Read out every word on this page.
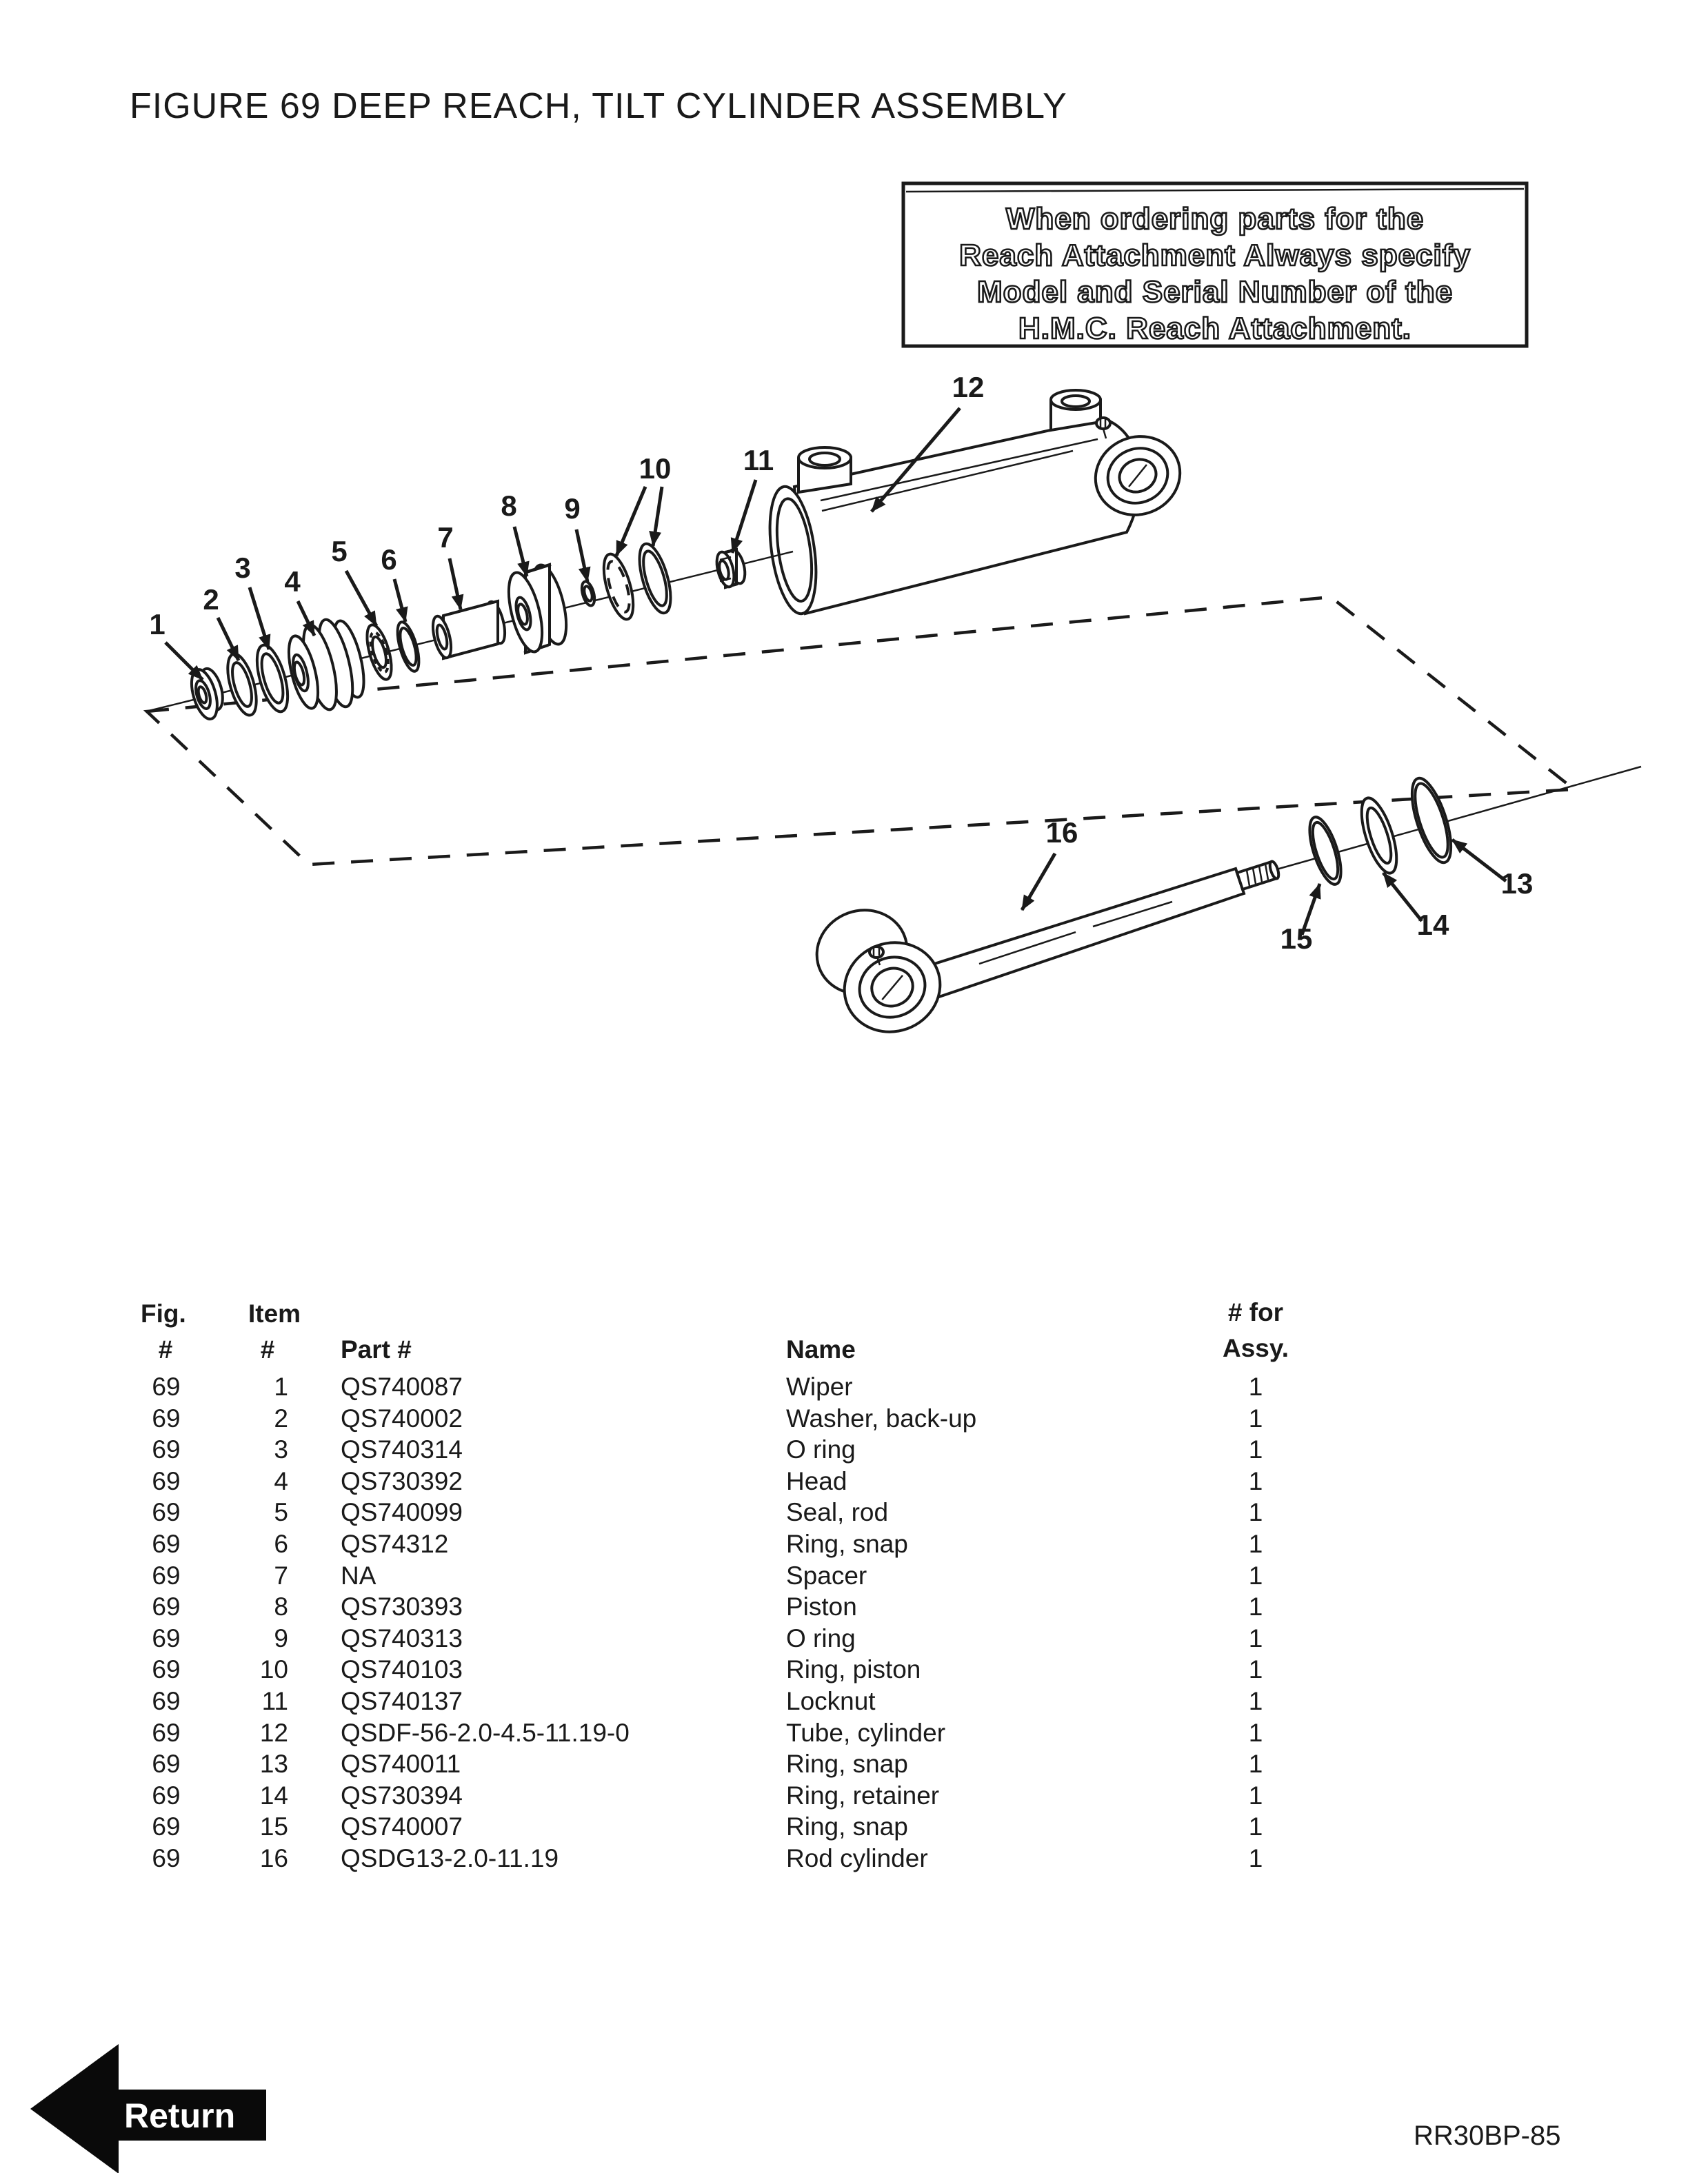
FIGURE 69 DEEP REACH, TILT CYLINDER ASSEMBLY
When ordering parts for the
Reach Attachment Always specify
Model and Serial Number of the
H.M.C. Reach Attachment.
1
2
3 4
5 6
7
8 9
10 11
12
13
14
15
16
Fig.
#
Item
#	Part #	Name
# for
Assy.
69	1 QS740087	Wiper	1
69	2 QS740002	Washer, back-up	1
69	3 QS740314	O ring	1
69	4 QS730392	Head	1
69	5 QS740099	Seal, rod	1
69	6 QS74312	Ring, snap	1
69	7 NA	Spacer	1
69	8 QS730393	Piston	1
69	9 QS740313	O ring	1
69	10 QS740103	Ring, piston	1
69	11 QS740137	Locknut	1
69	12 QSDF-56-2.0-4.5-11.19-0	Tube, cylinder	1
69	13 QS740011	Ring, snap	1
69	14 QS730394	Ring, retainer	1
69	15 QS740007	Ring, snap	1
69	16 QSDG13-2.0-11.19	Rod cylinder	1
Return
RR30BP-85
